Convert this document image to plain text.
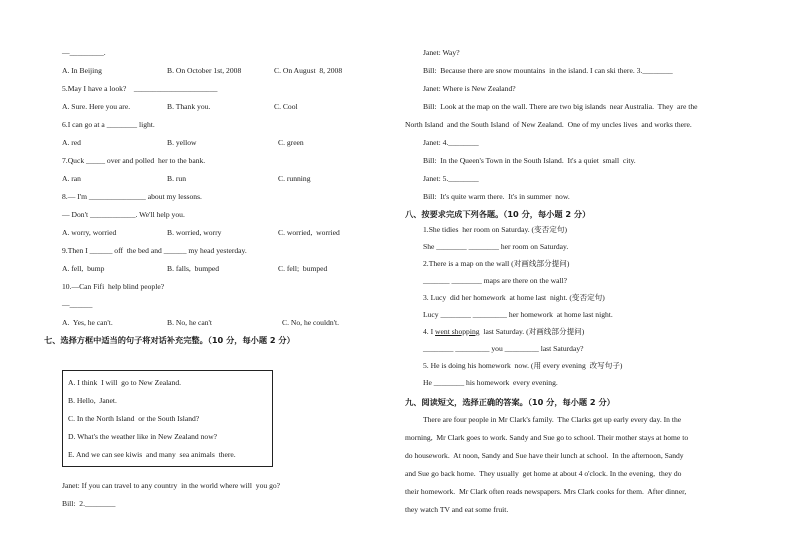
—_________.
A. In Beijing	B. On October 1st, 2008	C. On August  8, 2008
5.May I have a look?    ______________________
A. Sure. Here you are.	B. Thank you.	C. Cool
6.I can go at a ________ light.
A. red	B. yellow	C. green
7.Quck _____ over and polled  her to the bank.
A. ran	B. run	C. running
8.— I'm _______________ about my lessons.
— Don't ____________. We'll help you.
A. worry, worried	B. worried, worry	C. worried,  worried
9.Then I ______ off  the bed and ______ my head yesterday.
A. fell,  bump	B. falls,  bumped	C. fell;  bumped
10.—Can Fifi  help blind people?
—______
A.  Yes, he can't.	B. No, he can't	C. No, he couldn't.
七、选择方框中适当的句子将对话补充完整。（10 分，每小题 2 分）
A. I think  I will  go to New Zealand.
B. Hello,  Janet.
C. In the North Island  or the South Island?
D. What's the weather like in New Zealand now?
E. And we can see kiwis  and many  sea animals  there.
Janet: If you can travel to any country  in the world where will  you go?
Bill:  2.________
Janet: Way?
Bill:  Because there are snow mountains  in the island. I can ski there. 3.________
Janet: Where is New Zealand?
Bill:  Look at the map on the wall. There are two big islands  near Australia.  They  are the
North Island  and the South Island  of New Zealand.  One of my uncles lives  and works there.
Janet: 4.________
Bill:  In the Queen's Town in the South Island.  It's a quiet  small  city.
Janet: 5.________
Bill:  It's quite warm there.  It's in summer  now.
八、按要求完成下列各题。（10 分，每小题 2 分）
1.She tidies  her room on Saturday. (变否定句)
She ________ ________ her room on Saturday.
2.There is a map on the wall (对画线部分提问)
_______ ________ maps are there on the wall?
3. Lucy  did her homework  at home last  night. (变否定句)
Lucy ________ _________ her homework  at home last night.
4. I went shopping  last Saturday. (对画线部分提问)
________ _________ you _________ last Saturday?
5. He is doing his homework  now. (用 every evening  改写句子)
He ________ his homework  every evening.
九、阅读短文，选择正确的答案。（10 分，每小题 2 分）
There are four people in Mr Clark's family.  The Clarks get up early every day. In the
morning,  Mr Clark goes to work. Sandy and Sue go to school. Their mother stays at home to
do housework.  At noon, Sandy and Sue have their lunch at school.  In the afternoon, Sandy
and Sue go back home.  They usually  get home at about 4 o'clock. In the evening,  they do
their homework.  Mr Clark often reads newspapers. Mrs Clark cooks for them.  After dinner,
they watch TV and eat some fruit.
